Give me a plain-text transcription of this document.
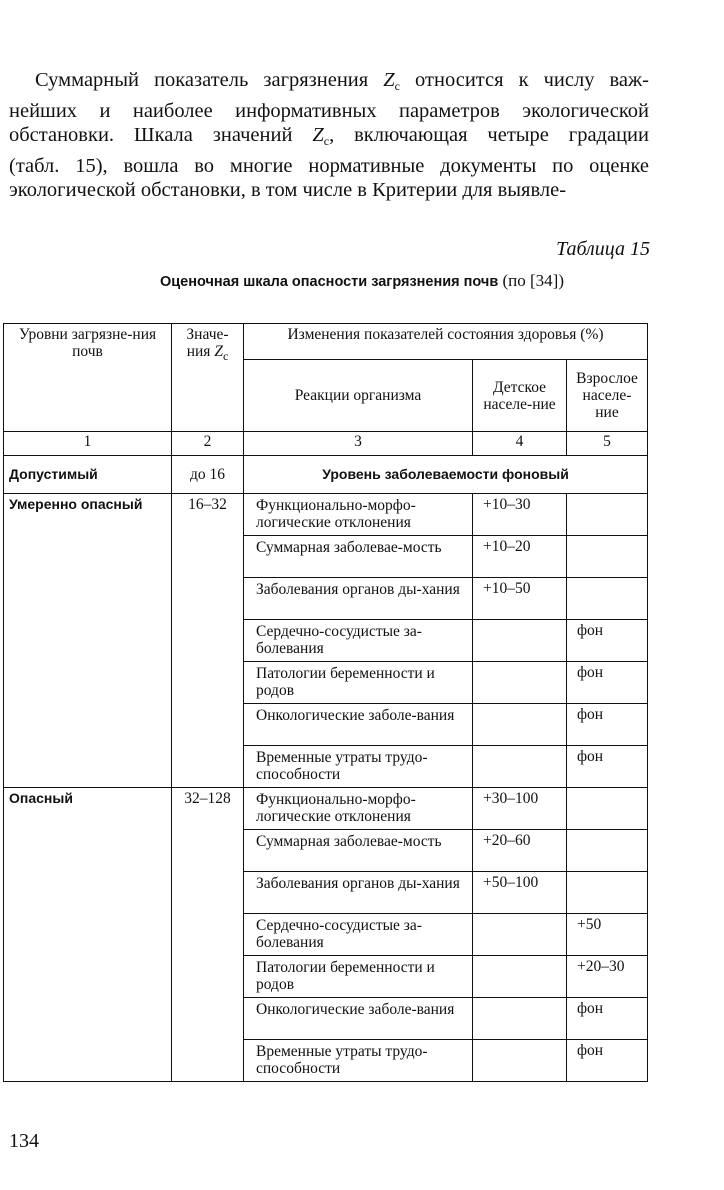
Суммарный показатель загрязнения $Z_c$ относится к числу важ-
нейших и наиболее информативных параметров экологической
обстановки. Шкала значений $Z_c$, включающая четыре градации
(табл. 15), вошла во многие нормативные документы по оценке
экологической обстановки, в том числе в Критерии для выявле-
Таблица 15
Оценочная шкала опасности загрязнения почв (по [34])
Уровни загрязне-ния почв	Значе-ния $Z_c$	Изменения показателей состояния здоровья (%)		
		Реакции организма	Детское населе-ние	Взрослое населе-ние
1	2	3	4	5
Допустимый	до 16	Уровень заболеваемости фоновый		
Умеренно опасный	16–32	Функционально-морфо-логические отклонения	+10–30	
		Суммарная заболевае-мость	+10–20	
		Заболевания органов ды-хания	+10–50	
		Сердечно-сосудистые за-болевания		фон
		Патологии беременности и родов		фон
		Онкологические заболе-вания		фон
		Временные утраты трудо-способности		фон
Опасный	32–128	Функционально-морфо-логические отклонения	+30–100	
		Суммарная заболевае-мость	+20–60	
		Заболевания органов ды-хания	+50–100	
		Сердечно-сосудистые за-болевания		+50
		Патологии беременности и родов		+20–30
		Онкологические заболе-вания		фон
		Временные утраты трудо-способности		фон
134
